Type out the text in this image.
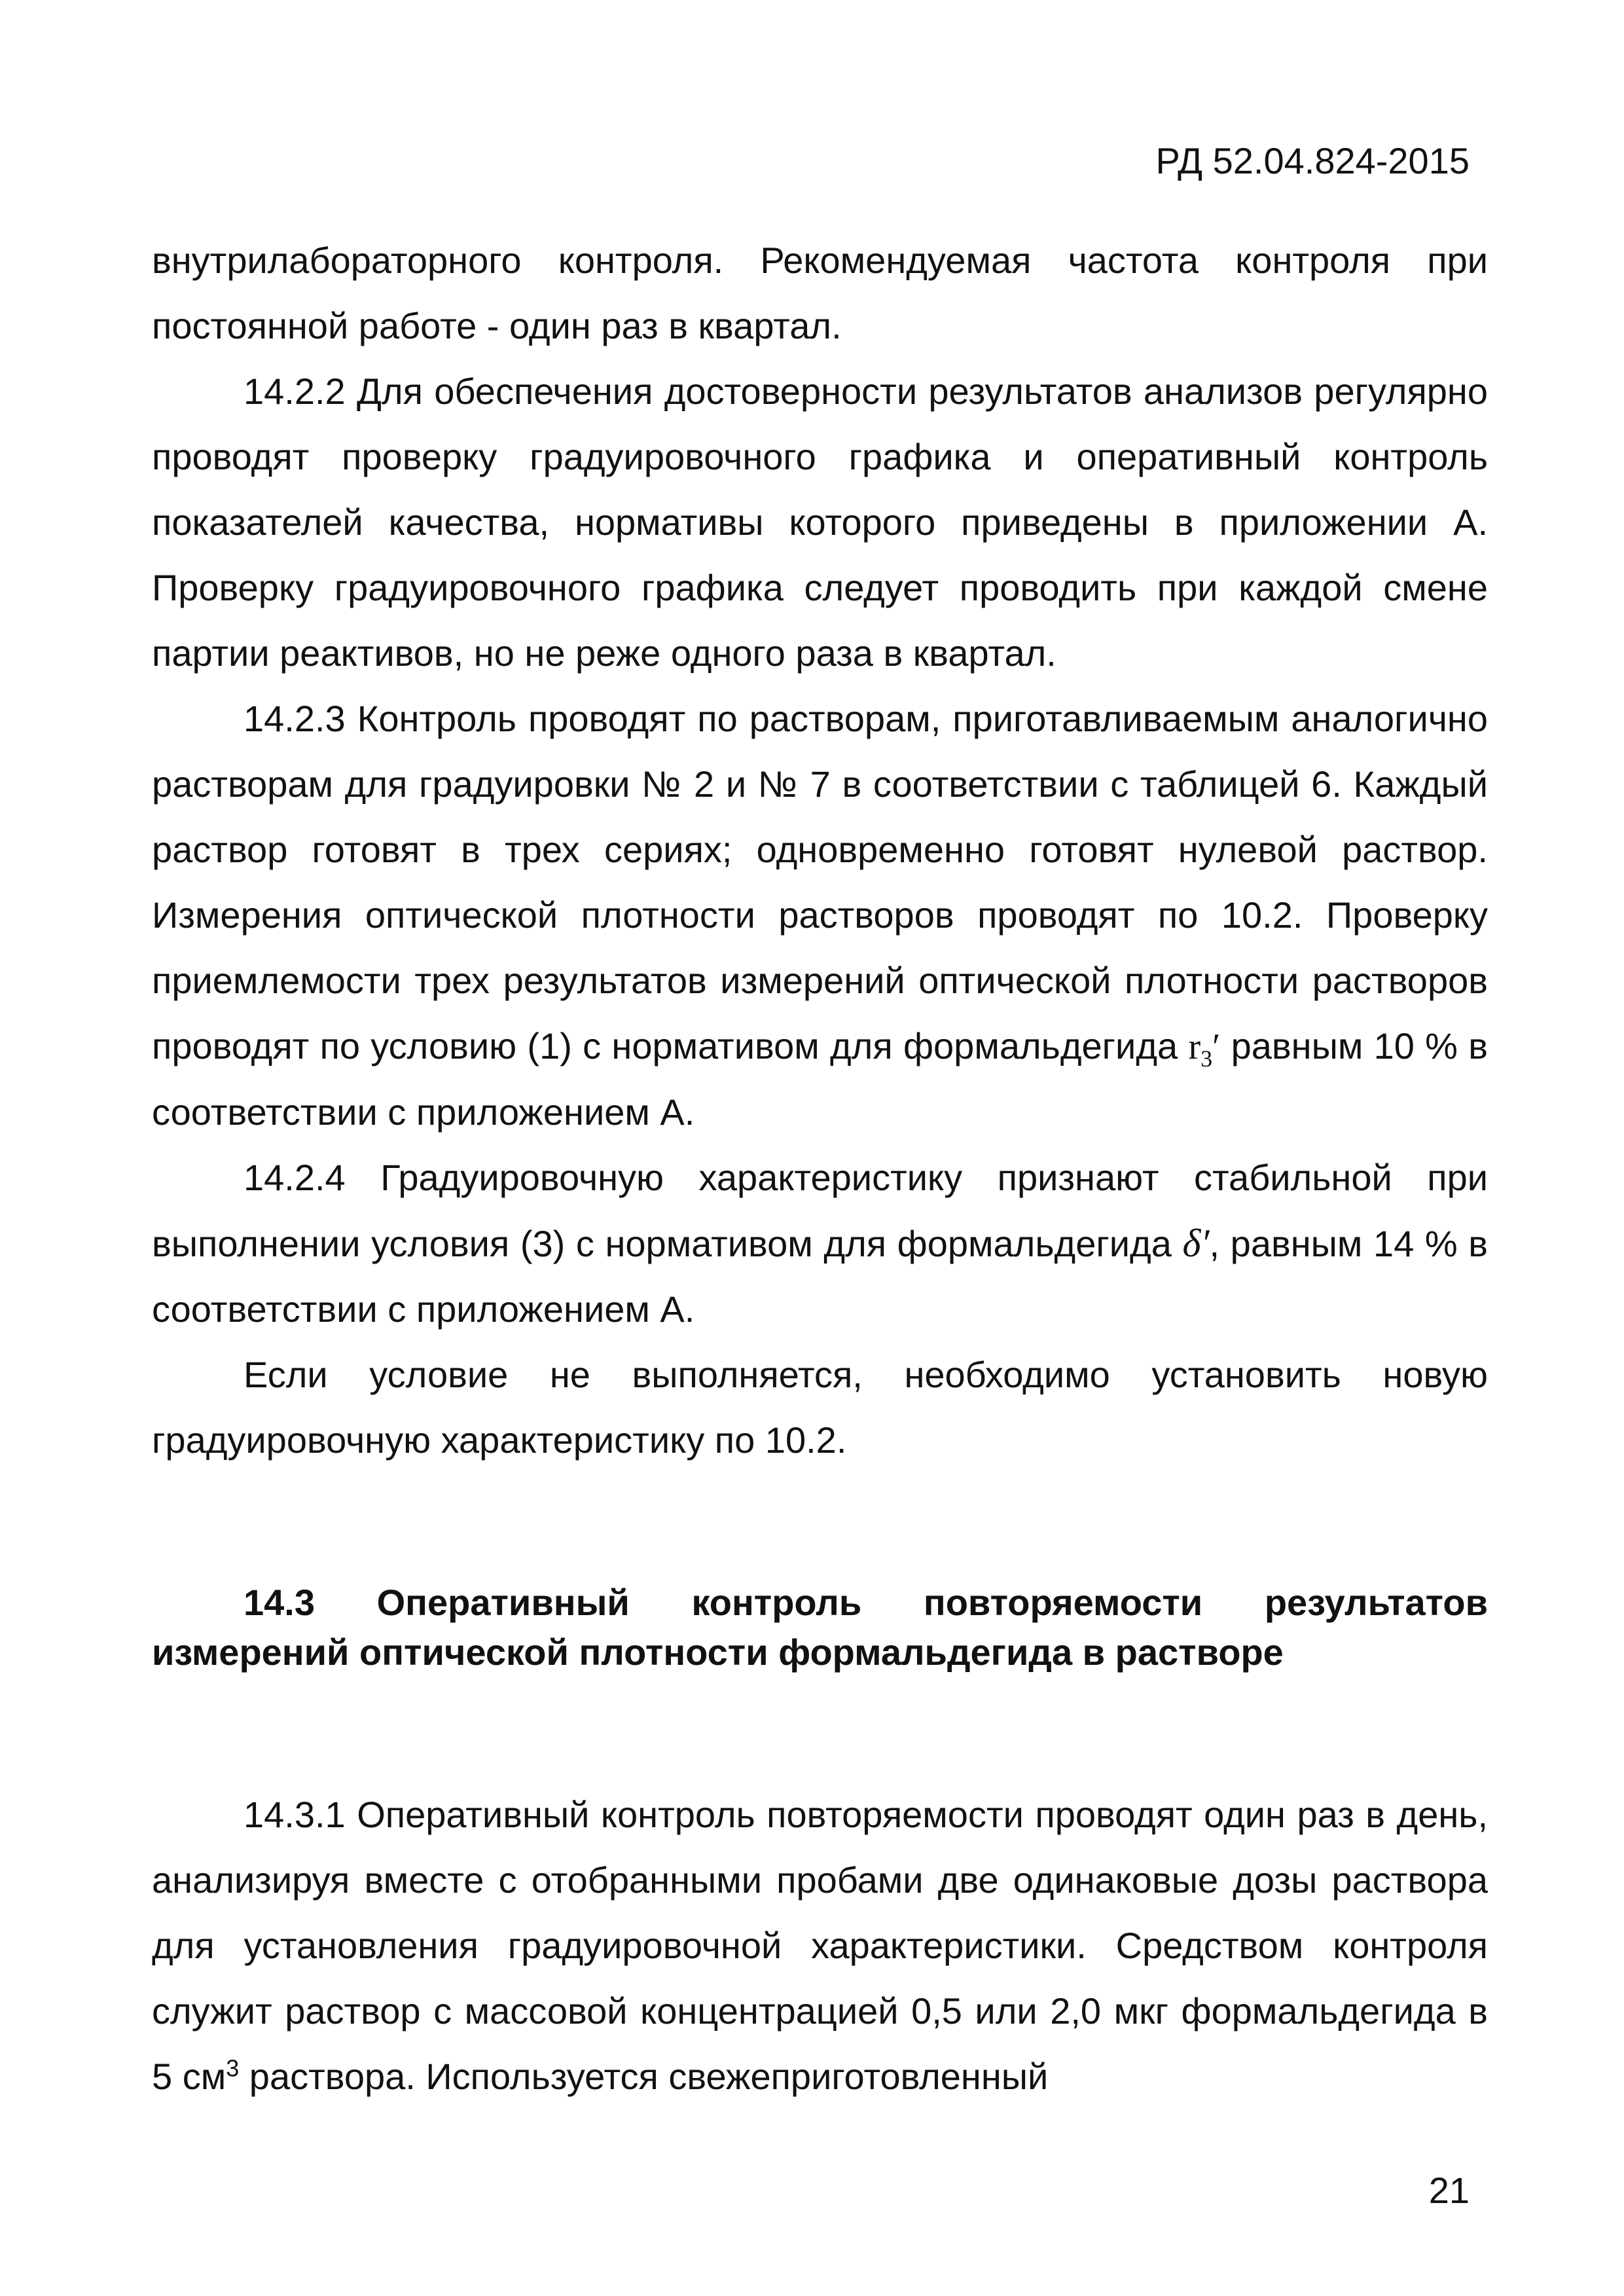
РД 52.04.824-2015

внутрилабораторного контроля. Рекомендуемая частота контроля при постоянной работе - один раз в квартал.

14.2.2 Для обеспечения достоверности результатов анализов регулярно проводят проверку градуировочного графика и оперативный контроль показателей качества, нормативы которого приведены в приложении А. Проверку градуировочного графика следует проводить при каждой смене партии реактивов, но не реже одного раза в квартал.

14.2.3 Контроль проводят по растворам, приготавливаемым аналогично растворам для градуировки № 2 и № 7 в соответствии с таблицей 6. Каждый раствор готовят в трех сериях; одновременно готовят нулевой раствор. Измерения оптической плотности растворов проводят по 10.2. Проверку приемлемости трех результатов измерений оптической плотности растворов проводят по условию (1) с нормативом для формальдегида $r_3'$ равным 10 % в соответствии с приложением А.

14.2.4 Градуировочную характеристику признают стабильной при выполнении условия (3) с нормативом для формальдегида δ′, равным 14 % в соответствии с приложением А.

Если условие не выполняется, необходимо установить новую градуировочную характеристику по 10.2.

14.3 Оперативный контроль повторяемости результатов измерений оптической плотности формальдегида в растворе

14.3.1 Оперативный контроль повторяемости проводят один раз в день, анализируя вместе с отобранными пробами две одинаковые дозы раствора для установления градуировочной характеристики. Средством контроля служит раствор с массовой концентрацией 0,5 или 2,0 мкг формальдегида в 5 $см^3$ раствора. Используется свежеприготовленный

21
